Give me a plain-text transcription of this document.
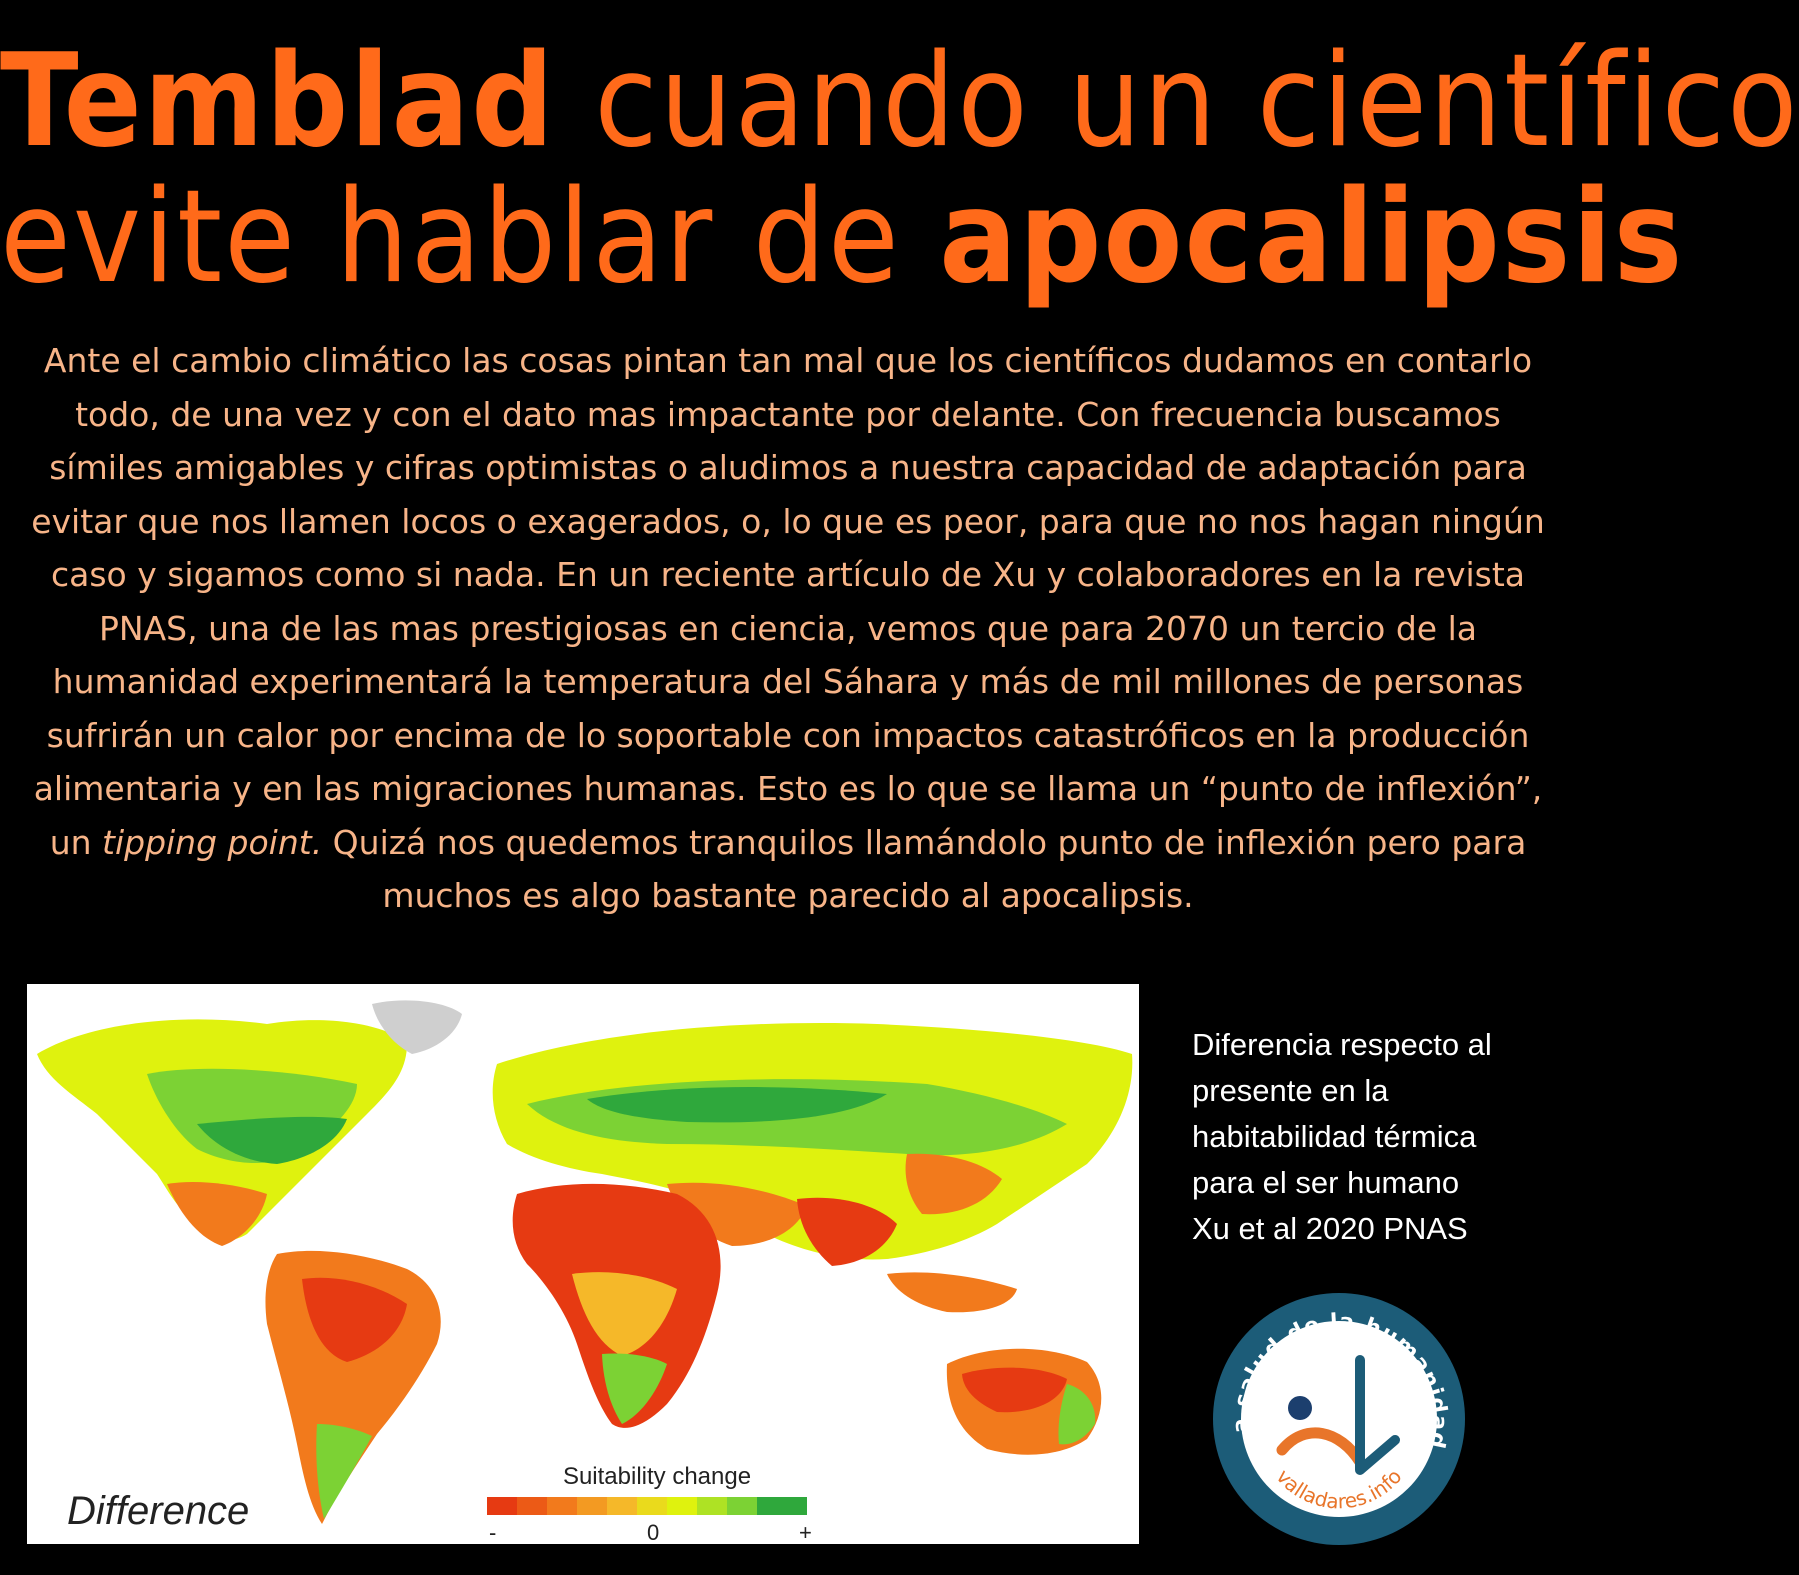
Temblad cuando un científico
evite hablar de apocalipsis

Ante el cambio climático las cosas pintan tan mal que los científicos dudamos en contarlo todo, de una vez y con el dato mas impactante por delante. Con frecuencia buscamos símiles amigables y cifras optimistas o aludimos a nuestra capacidad de adaptación para evitar que nos llamen locos o exagerados, o, lo que es peor, para que no nos hagan ningún caso y sigamos como si nada. En un reciente artículo de Xu y colaboradores en la revista PNAS, una de las mas prestigiosas en ciencia, vemos que para 2070 un tercio de la humanidad experimentará la temperatura del Sáhara y más de mil millones de personas sufrirán un calor por encima de lo soportable con impactos catastróficos en la producción alimentaria y en las migraciones humanas. Esto es lo que se llama un “punto de inflexión”, un tipping point. Quizá nos quedemos tranquilos llamándolo punto de inflexión pero para muchos es algo bastante parecido al apocalipsis.

Difference
Suitability change
-	0	+
Diferencia respecto al
presente en la
habitabilidad térmica
para el ser humano
Xu et al 2020 PNAS
a salud de la humanidad
valladares.info
